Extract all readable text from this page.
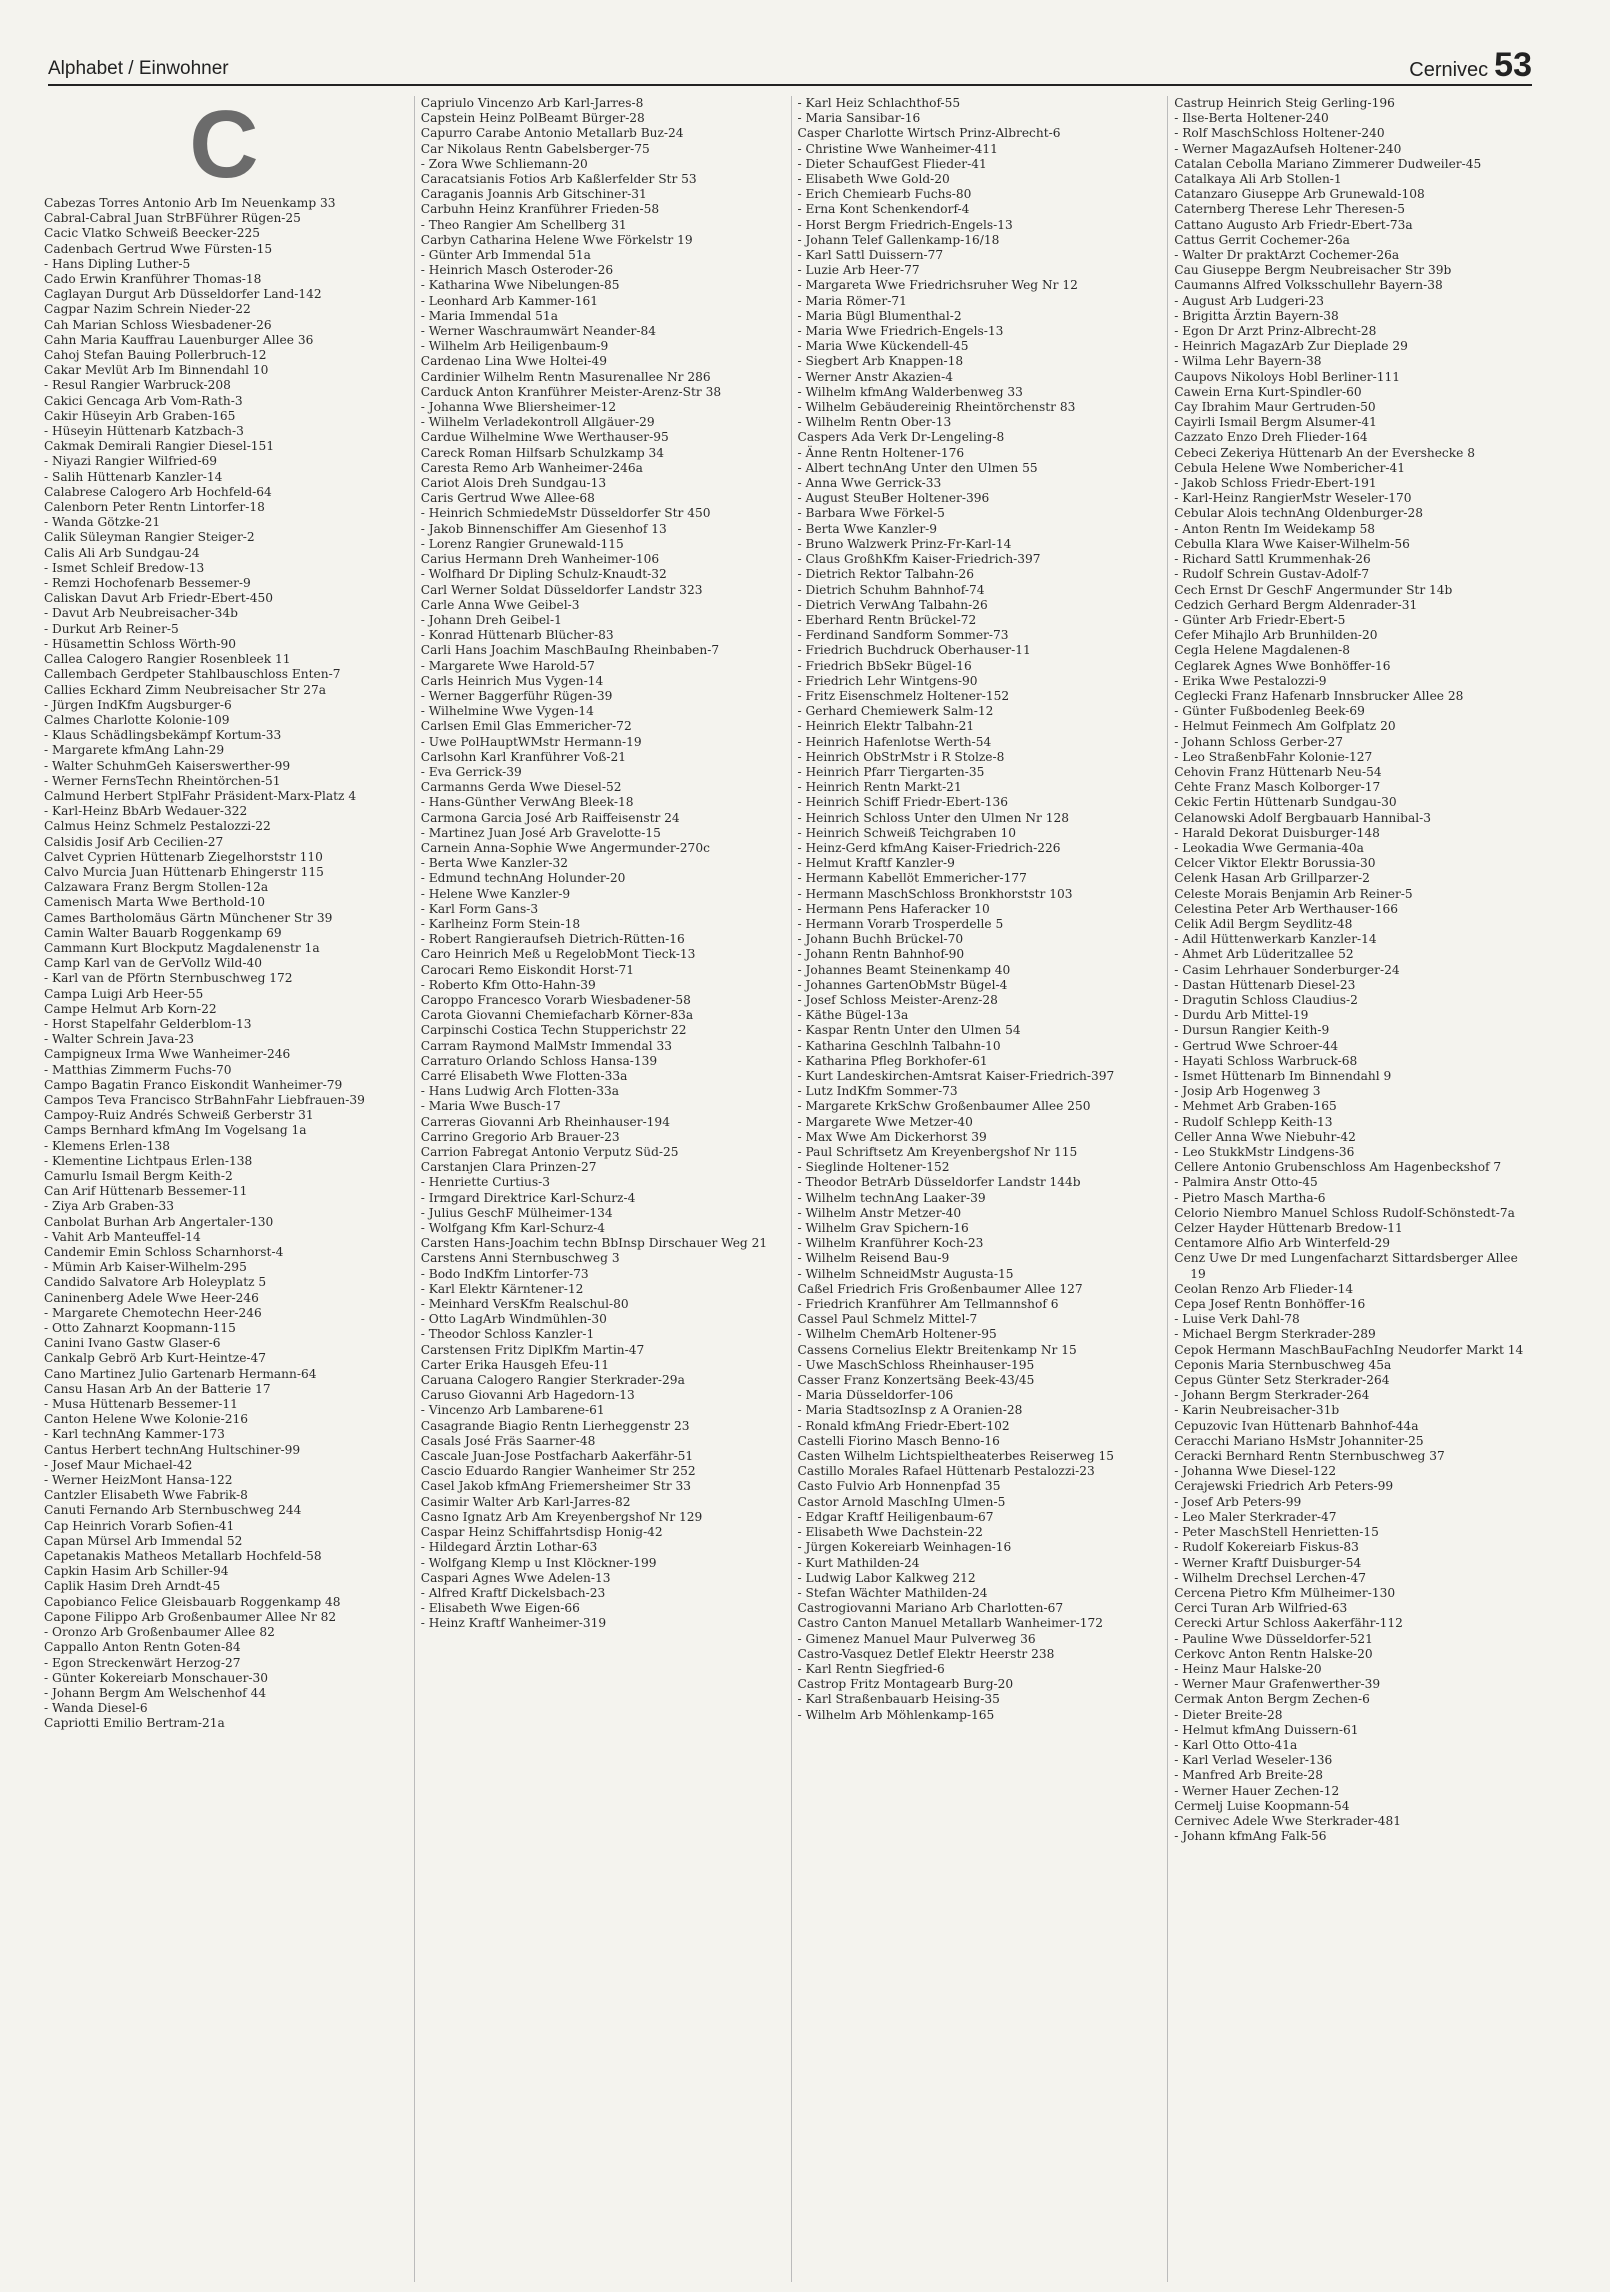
Alphabet / Einwohner	Cernivec 53
C

Cabezas Torres Antonio Arb Im Neuenkamp 33

Cabral-Cabral Juan StrBFührer Rügen-25

Cacic Vlatko Schweiß Beecker-225

Cadenbach Gertrud Wwe Fürsten-15

- Hans Dipling Luther-5

Cado Erwin Kranführer Thomas-18

Caglayan Durgut Arb Düsseldorfer Land-142

Cagpar Nazim Schrein Nieder-22

Cah Marian Schloss Wiesbadener-26

Cahn Maria Kauffrau Lauenburger Allee 36

Cahoj Stefan Bauing Pollerbruch-12

Cakar Mevlüt Arb Im Binnendahl 10

- Resul Rangier Warbruck-208

Cakici Gencaga Arb Vom-Rath-3

Cakir Hüseyin Arb Graben-165

- Hüseyin Hüttenarb Katzbach-3

Cakmak Demirali Rangier Diesel-151

- Niyazi Rangier Wilfried-69

- Salih Hüttenarb Kanzler-14

Calabrese Calogero Arb Hochfeld-64

Calenborn Peter Rentn Lintorfer-18

- Wanda Götzke-21

Calik Süleyman Rangier Steiger-2

Calis Ali Arb Sundgau-24

- Ismet Schleif Bredow-13

- Remzi Hochofenarb Bessemer-9

Caliskan Davut Arb Friedr-Ebert-450

- Davut Arb Neubreisacher-34b

- Durkut Arb Reiner-5

- Hüsamettin Schloss Wörth-90

Callea Calogero Rangier Rosenbleek 11

Callembach Gerdpeter Stahlbauschloss Enten-7

Callies Eckhard Zimm Neubreisacher Str 27a

- Jürgen IndKfm Augsburger-6

Calmes Charlotte Kolonie-109

- Klaus Schädlingsbekämpf Kortum-33

- Margarete kfmAng Lahn-29

- Walter SchuhmGeh Kaiserswerther-99

- Werner FernsTechn Rheintörchen-51

Calmund Herbert StplFahr Präsident-Marx-Platz 4

- Karl-Heinz BbArb Wedauer-322

Calmus Heinz Schmelz Pestalozzi-22

Calsidis Josif Arb Cecilien-27

Calvet Cyprien Hüttenarb Ziegelhorststr 110

Calvo Murcia Juan Hüttenarb Ehingerstr 115

Calzawara Franz Bergm Stollen-12a

Camenisch Marta Wwe Berthold-10

Cames Bartholomäus Gärtn Münchener Str 39

Camin Walter Bauarb Roggenkamp 69

Cammann Kurt Blockputz Magdalenenstr 1a

Camp Karl van de GerVollz Wild-40

- Karl van de Pförtn Sternbuschweg 172

Campa Luigi Arb Heer-55

Campe Helmut Arb Korn-22

- Horst Stapelfahr Gelderblom-13

- Walter Schrein Java-23

Campigneux Irma Wwe Wanheimer-246

- Matthias Zimmerm Fuchs-70

Campo Bagatin Franco Eiskondit Wanheimer-79

Campos Teva Francisco StrBahnFahr Liebfrauen-39

Campoy-Ruiz Andrés Schweiß Gerberstr 31

Camps Bernhard kfmAng Im Vogelsang 1a

- Klemens Erlen-138

- Klementine Lichtpaus Erlen-138

Camurlu Ismail Bergm Keith-2

Can Arif Hüttenarb Bessemer-11

- Ziya Arb Graben-33

Canbolat Burhan Arb Angertaler-130

- Vahit Arb Manteuffel-14

Candemir Emin Schloss Scharnhorst-4

- Mümin Arb Kaiser-Wilhelm-295

Candido Salvatore Arb Holeyplatz 5

Caninenberg Adele Wwe Heer-246

- Margarete Chemotechn Heer-246

- Otto Zahnarzt Koopmann-115

Canini Ivano Gastw Glaser-6

Cankalp Gebrö Arb Kurt-Heintze-47

Cano Martinez Julio Gartenarb Hermann-64

Cansu Hasan Arb An der Batterie 17

- Musa Hüttenarb Bessemer-11

Canton Helene Wwe Kolonie-216

- Karl technAng Kammer-173

Cantus Herbert technAng Hultschiner-99

- Josef Maur Michael-42

- Werner HeizMont Hansa-122

Cantzler Elisabeth Wwe Fabrik-8

Canuti Fernando Arb Sternbuschweg 244

Cap Heinrich Vorarb Sofien-41

Capan Mürsel Arb Immendal 52

Capetanakis Matheos Metallarb Hochfeld-58

Capkin Hasim Arb Schiller-94

Caplik Hasim Dreh Arndt-45

Capobianco Felice Gleisbauarb Roggenkamp 48

Capone Filippo Arb Großenbaumer Allee Nr 82

- Oronzo Arb Großenbaumer Allee 82

Cappallo Anton Rentn Goten-84

- Egon Streckenwärt Herzog-27

- Günter Kokereiarb Monschauer-30

- Johann Bergm Am Welschenhof 44

- Wanda Diesel-6

Capriotti Emilio Bertram-21a

Capriulo Vincenzo Arb Karl-Jarres-8

Capstein Heinz PolBeamt Bürger-28

Capurro Carabe Antonio Metallarb Buz-24

Car Nikolaus Rentn Gabelsberger-75

- Zora Wwe Schliemann-20

Caracatsianis Fotios Arb Kaßlerfelder Str 53

Caraganis Joannis Arb Gitschiner-31

Carbuhn Heinz Kranführer Frieden-58

- Theo Rangier Am Schellberg 31

Carbyn Catharina Helene Wwe Förkelstr 19

- Günter Arb Immendal 51a

- Heinrich Masch Osteroder-26

- Katharina Wwe Nibelungen-85

- Leonhard Arb Kammer-161

- Maria Immendal 51a

- Werner Waschraumwärt Neander-84

- Wilhelm Arb Heiligenbaum-9

Cardenao Lina Wwe Holtei-49

Cardinier Wilhelm Rentn Masurenallee Nr 286

Carduck Anton Kranführer Meister-Arenz-Str 38

- Johanna Wwe Bliersheimer-12

- Wilhelm Verladekontroll Allgäuer-29

Cardue Wilhelmine Wwe Werthauser-95

Careck Roman Hilfsarb Schulzkamp 34

Caresta Remo Arb Wanheimer-246a

Cariot Alois Dreh Sundgau-13

Caris Gertrud Wwe Allee-68

- Heinrich SchmiedeMstr Düsseldorfer Str 450

- Jakob Binnenschiffer Am Giesenhof 13

- Lorenz Rangier Grunewald-115

Carius Hermann Dreh Wanheimer-106

- Wolfhard Dr Dipling Schulz-Knaudt-32

Carl Werner Soldat Düsseldorfer Landstr 323

Carle Anna Wwe Geibel-3

- Johann Dreh Geibel-1

- Konrad Hüttenarb Blücher-83

Carli Hans Joachim MaschBauIng Rheinbaben-7

- Margarete Wwe Harold-57

Carls Heinrich Mus Vygen-14

- Werner Baggerführ Rügen-39

- Wilhelmine Wwe Vygen-14

Carlsen Emil Glas Emmericher-72

- Uwe PolHauptWMstr Hermann-19

Carlsohn Karl Kranführer Voß-21

- Eva Gerrick-39

Carmanns Gerda Wwe Diesel-52

- Hans-Günther VerwAng Bleek-18

Carmona Garcia José Arb Raiffeisenstr 24

- Martinez Juan José Arb Gravelotte-15

Carnein Anna-Sophie Wwe Angermunder-270c

- Berta Wwe Kanzler-32

- Edmund technAng Holunder-20

- Helene Wwe Kanzler-9

- Karl Form Gans-3

- Karlheinz Form Stein-18

- Robert Rangieraufseh Dietrich-Rütten-16

Caro Heinrich Meß u RegelobMont Tieck-13

Carocari Remo Eiskondit Horst-71

- Roberto Kfm Otto-Hahn-39

Caroppo Francesco Vorarb Wiesbadener-58

Carota Giovanni Chemiefacharb Körner-83a

Carpinschi Costica Techn Stupperichstr 22

Carram Raymond MalMstr Immendal 33

Carraturo Orlando Schloss Hansa-139

Carré Elisabeth Wwe Flotten-33a

- Hans Ludwig Arch Flotten-33a

- Maria Wwe Busch-17

Carreras Giovanni Arb Rheinhauser-194

Carrino Gregorio Arb Brauer-23

Carrion Fabregat Antonio Verputz Süd-25

Carstanjen Clara Prinzen-27

- Henriette Curtius-3

- Irmgard Direktrice Karl-Schurz-4

- Julius GeschF Mülheimer-134

- Wolfgang Kfm Karl-Schurz-4

Carsten Hans-Joachim techn BbInsp Dirschauer Weg 21

Carstens Anni Sternbuschweg 3

- Bodo IndKfm Lintorfer-73

- Karl Elektr Kärntener-12

- Meinhard VersKfm Realschul-80

- Otto LagArb Windmühlen-30

- Theodor Schloss Kanzler-1

Carstensen Fritz DiplKfm Martin-47

Carter Erika Hausgeh Efeu-11

Caruana Calogero Rangier Sterkrader-29a

Caruso Giovanni Arb Hagedorn-13

- Vincenzo Arb Lambarene-61

Casagrande Biagio Rentn Lierheggenstr 23

Casals José Fräs Saarner-48

Cascale Juan-Jose Postfacharb Aakerfähr-51

Cascio Eduardo Rangier Wanheimer Str 252

Casel Jakob kfmAng Friemersheimer Str 33

Casimir Walter Arb Karl-Jarres-82

Casno Ignatz Arb Am Kreyenbergshof Nr 129

Caspar Heinz Schiffahrtsdisp Honig-42

- Hildegard Ärztin Lothar-63

- Wolfgang Klemp u Inst Klöckner-199

Caspari Agnes Wwe Adelen-13

- Alfred Kraftf Dickelsbach-23

- Elisabeth Wwe Eigen-66

- Heinz Kraftf Wanheimer-319

- Karl Heiz Schlachthof-55

- Maria Sansibar-16

Casper Charlotte Wirtsch Prinz-Albrecht-6

- Christine Wwe Wanheimer-411

- Dieter SchaufGest Flieder-41

- Elisabeth Wwe Gold-20

- Erich Chemiearb Fuchs-80

- Erna Kont Schenkendorf-4

- Horst Bergm Friedrich-Engels-13

- Johann Telef Gallenkamp-16/18

- Karl Sattl Duissern-77

- Luzie Arb Heer-77

- Margareta Wwe Friedrichsruher Weg Nr 12

- Maria Römer-71

- Maria Bügl Blumenthal-2

- Maria Wwe Friedrich-Engels-13

- Maria Wwe Kückendell-45

- Siegbert Arb Knappen-18

- Werner Anstr Akazien-4

- Wilhelm kfmAng Walderbenweg 33

- Wilhelm Gebäudereinig Rheintörchenstr 83

- Wilhelm Rentn Ober-13

Caspers Ada Verk Dr-Lengeling-8

- Änne Rentn Holtener-176

- Albert technAng Unter den Ulmen 55

- Anna Wwe Gerrick-33

- August SteuBer Holtener-396

- Barbara Wwe Förkel-5

- Berta Wwe Kanzler-9

- Bruno Walzwerk Prinz-Fr-Karl-14

- Claus GroßhKfm Kaiser-Friedrich-397

- Dietrich Rektor Talbahn-26

- Dietrich Schuhm Bahnhof-74

- Dietrich VerwAng Talbahn-26

- Eberhard Rentn Brückel-72

- Ferdinand Sandform Sommer-73

- Friedrich Buchdruck Oberhauser-11

- Friedrich BbSekr Bügel-16

- Friedrich Lehr Wintgens-90

- Fritz Eisenschmelz Holtener-152

- Gerhard Chemiewerk Salm-12

- Heinrich Elektr Talbahn-21

- Heinrich Hafenlotse Werth-54

- Heinrich ObStrMstr i R Stolze-8

- Heinrich Pfarr Tiergarten-35

- Heinrich Rentn Markt-21

- Heinrich Schiff Friedr-Ebert-136

- Heinrich Schloss Unter den Ulmen Nr 128

- Heinrich Schweiß Teichgraben 10

- Heinz-Gerd kfmAng Kaiser-Friedrich-226

- Helmut Kraftf Kanzler-9

- Hermann Kabellöt Emmericher-177

- Hermann MaschSchloss Bronkhorststr 103

- Hermann Pens Haferacker 10

- Hermann Vorarb Trosperdelle 5

- Johann Buchh Brückel-70

- Johann Rentn Bahnhof-90

- Johannes Beamt Steinenkamp 40

- Johannes GartenObMstr Bügel-4

- Josef Schloss Meister-Arenz-28

- Käthe Bügel-13a

- Kaspar Rentn Unter den Ulmen 54

- Katharina Geschlnh Talbahn-10

- Katharina Pfleg Borkhofer-61

- Kurt Landeskirchen-Amtsrat Kaiser-Friedrich-397

- Lutz IndKfm Sommer-73

- Margarete KrkSchw Großenbaumer Allee 250

- Margarete Wwe Metzer-40

- Max Wwe Am Dickerhorst 39

- Paul Schriftsetz Am Kreyenbergshof Nr 115

- Sieglinde Holtener-152

- Theodor BetrArb Düsseldorfer Landstr 144b

- Wilhelm technAng Laaker-39

- Wilhelm Anstr Metzer-40

- Wilhelm Grav Spichern-16

- Wilhelm Kranführer Koch-23

- Wilhelm Reisend Bau-9

- Wilhelm SchneidMstr Augusta-15

Caßel Friedrich Fris Großenbaumer Allee 127

- Friedrich Kranführer Am Tellmannshof 6

Cassel Paul Schmelz Mittel-7

- Wilhelm ChemArb Holtener-95

Cassens Cornelius Elektr Breitenkamp Nr 15

- Uwe MaschSchloss Rheinhauser-195

Casser Franz Konzertsäng Beek-43/45

- Maria Düsseldorfer-106

- Maria StadtsozInsp z A Oranien-28

- Ronald kfmAng Friedr-Ebert-102

Castelli Fiorino Masch Benno-16

Casten Wilhelm Lichtspieltheaterbes Reiserweg 15

Castillo Morales Rafael Hüttenarb Pestalozzi-23

Casto Fulvio Arb Honnenpfad 35

Castor Arnold MaschIng Ulmen-5

- Edgar Kraftf Heiligenbaum-67

- Elisabeth Wwe Dachstein-22

- Jürgen Kokereiarb Weinhagen-16

- Kurt Mathilden-24

- Ludwig Labor Kalkweg 212

- Stefan Wächter Mathilden-24

Castrogiovanni Mariano Arb Charlotten-67

Castro Canton Manuel Metallarb Wanheimer-172

- Gimenez Manuel Maur Pulverweg 36

Castro-Vasquez Detlef Elektr Heerstr 238

- Karl Rentn Siegfried-6

Castrop Fritz Montagearb Burg-20

- Karl Straßenbauarb Heising-35

- Wilhelm Arb Möhlenkamp-165

Castrup Heinrich Steig Gerling-196

- Ilse-Berta Holtener-240

- Rolf MaschSchloss Holtener-240

- Werner MagazAufseh Holtener-240

Catalan Cebolla Mariano Zimmerer Dudweiler-45

Catalkaya Ali Arb Stollen-1

Catanzaro Giuseppe Arb Grunewald-108

Caternberg Therese Lehr Theresen-5

Cattano Augusto Arb Friedr-Ebert-73a

Cattus Gerrit Cochemer-26a

- Walter Dr praktArzt Cochemer-26a

Cau Giuseppe Bergm Neubreisacher Str 39b

Caumanns Alfred Volksschullehr Bayern-38

- August Arb Ludgeri-23

- Brigitta Ärztin Bayern-38

- Egon Dr Arzt Prinz-Albrecht-28

- Heinrich MagazArb Zur Dieplade 29

- Wilma Lehr Bayern-38

Caupovs Nikoloys Hobl Berliner-111

Cawein Erna Kurt-Spindler-60

Cay Ibrahim Maur Gertruden-50

Cayirli Ismail Bergm Alsumer-41

Cazzato Enzo Dreh Flieder-164

Cebeci Zekeriya Hüttenarb An der Evershecke 8

Cebula Helene Wwe Nombericher-41

- Jakob Schloss Friedr-Ebert-191

- Karl-Heinz RangierMstr Weseler-170

Cebular Alois technAng Oldenburger-28

- Anton Rentn Im Weidekamp 58

Cebulla Klara Wwe Kaiser-Wilhelm-56

- Richard Sattl Krummenhak-26

- Rudolf Schrein Gustav-Adolf-7

Cech Ernst Dr GeschF Angermunder Str 14b

Cedzich Gerhard Bergm Aldenrader-31

- Günter Arb Friedr-Ebert-5

Cefer Mihajlo Arb Brunhilden-20

Cegla Helene Magdalenen-8

Ceglarek Agnes Wwe Bonhöffer-16

- Erika Wwe Pestalozzi-9

Ceglecki Franz Hafenarb Innsbrucker Allee 28

- Günter Fußbodenleg Beek-69

- Helmut Feinmech Am Golfplatz 20

- Johann Schloss Gerber-27

- Leo StraßenbFahr Kolonie-127

Cehovin Franz Hüttenarb Neu-54

Cehte Franz Masch Kolborger-17

Cekic Fertin Hüttenarb Sundgau-30

Celanowski Adolf Bergbauarb Hannibal-3

- Harald Dekorat Duisburger-148

- Leokadia Wwe Germania-40a

Celcer Viktor Elektr Borussia-30

Celenk Hasan Arb Grillparzer-2

Celeste Morais Benjamin Arb Reiner-5

Celestina Peter Arb Werthauser-166

Celik Adil Bergm Seydlitz-48

- Adil Hüttenwerkarb Kanzler-14

- Ahmet Arb Lüderitzallee 52

- Casim Lehrhauer Sonderburger-24

- Dastan Hüttenarb Diesel-23

- Dragutin Schloss Claudius-2

- Durdu Arb Mittel-19

- Dursun Rangier Keith-9

- Gertrud Wwe Schroer-44

- Hayati Schloss Warbruck-68

- Ismet Hüttenarb Im Binnendahl 9

- Josip Arb Hogenweg 3

- Mehmet Arb Graben-165

- Rudolf Schlepp Keith-13

Celler Anna Wwe Niebuhr-42

- Leo StukkMstr Lindgens-36

Cellere Antonio Grubenschloss Am Hagenbeckshof 7

- Palmira Anstr Otto-45

- Pietro Masch Martha-6

Celorio Niembro Manuel Schloss Rudolf-Schönstedt-7a

Celzer Hayder Hüttenarb Bredow-11

Centamore Alfio Arb Winterfeld-29

Cenz Uwe Dr med Lungenfacharzt Sittardsberger Allee 19

Ceolan Renzo Arb Flieder-14

Cepa Josef Rentn Bonhöffer-16

- Luise Verk Dahl-78

- Michael Bergm Sterkrader-289

Cepok Hermann MaschBauFachIng Neudorfer Markt 14

Ceponis Maria Sternbuschweg 45a

Cepus Günter Setz Sterkrader-264

- Johann Bergm Sterkrader-264

- Karin Neubreisacher-31b

Cepuzovic Ivan Hüttenarb Bahnhof-44a

Ceracchi Mariano HsMstr Johanniter-25

Ceracki Bernhard Rentn Sternbuschweg 37

- Johanna Wwe Diesel-122

Cerajewski Friedrich Arb Peters-99

- Josef Arb Peters-99

- Leo Maler Sterkrader-47

- Peter MaschStell Henrietten-15

- Rudolf Kokereiarb Fiskus-83

- Werner Kraftf Duisburger-54

- Wilhelm Drechsel Lerchen-47

Cercena Pietro Kfm Mülheimer-130

Cerci Turan Arb Wilfried-63

Cerecki Artur Schloss Aakerfähr-112

- Pauline Wwe Düsseldorfer-521

Cerkovc Anton Rentn Halske-20

- Heinz Maur Halske-20

- Werner Maur Grafenwerther-39

Cermak Anton Bergm Zechen-6

- Dieter Breite-28

- Helmut kfmAng Duissern-61

- Karl Otto Otto-41a

- Karl Verlad Weseler-136

- Manfred Arb Breite-28

- Werner Hauer Zechen-12

Cermelj Luise Koopmann-54

Cernivec Adele Wwe Sterkrader-481

- Johann kfmAng Falk-56
